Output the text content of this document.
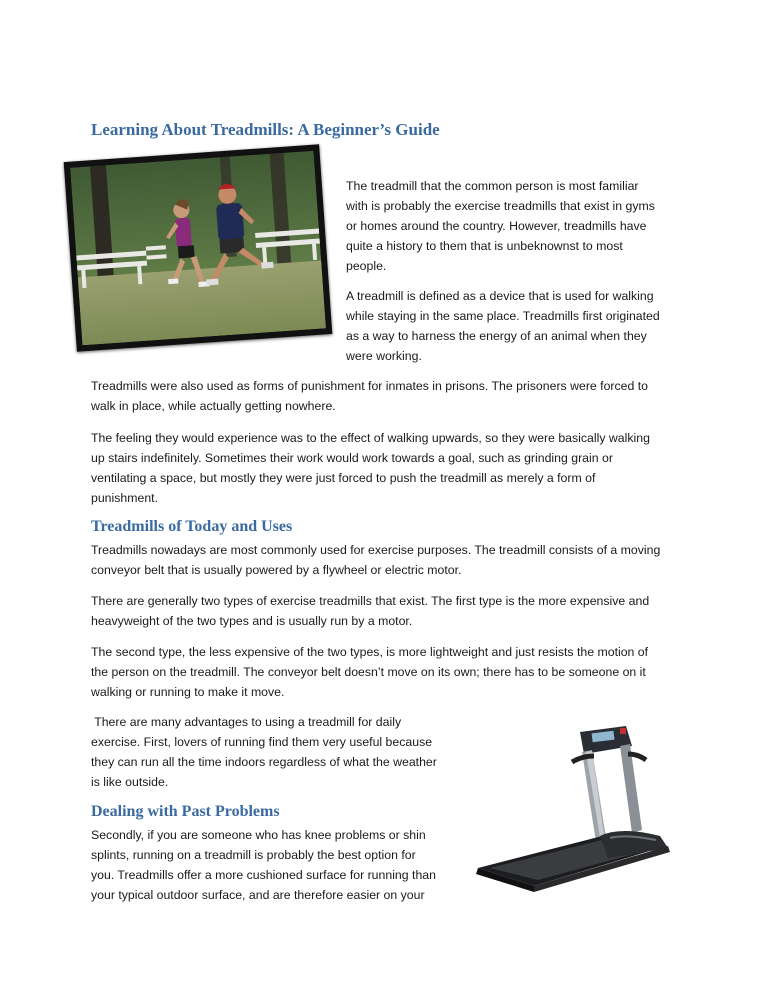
Learning About Treadmills: A Beginner’s Guide

The treadmill that the common person is most familiar

with is probably the exercise treadmills that exist in gyms

or homes around the country. However, treadmills have

quite a history to them that is unbeknownst to most

people.

A treadmill is defined as a device that is used for walking

while staying in the same place. Treadmills first originated

as a way to harness the energy of an animal when they

were working.

Treadmills were also used as forms of punishment for inmates in prisons. The prisoners were forced to

walk in place, while actually getting nowhere.

The feeling they would experience was to the effect of walking upwards, so they were basically walking

up stairs indefinitely. Sometimes their work would work towards a goal, such as grinding grain or

ventilating a space, but mostly they were just forced to push the treadmill as merely a form of

punishment.

Treadmills of Today and Uses

Treadmills nowadays are most commonly used for exercise purposes. The treadmill consists of a moving

conveyor belt that is usually powered by a flywheel or electric motor.

There are generally two types of exercise treadmills that exist. The first type is the more expensive and

heavyweight of the two types and is usually run by a motor.

The second type, the less expensive of the two types, is more lightweight and just resists the motion of

the person on the treadmill. The conveyor belt doesn’t move on its own; there has to be someone on it

walking or running to make it move.

There are many advantages to using a treadmill for daily

exercise. First, lovers of running find them very useful because

they can run all the time indoors regardless of what the weather

is like outside.

Dealing with Past Problems

Secondly, if you are someone who has knee problems or shin

splints, running on a treadmill is probably the best option for

you. Treadmills offer a more cushioned surface for running than

your typical outdoor surface, and are therefore easier on your
